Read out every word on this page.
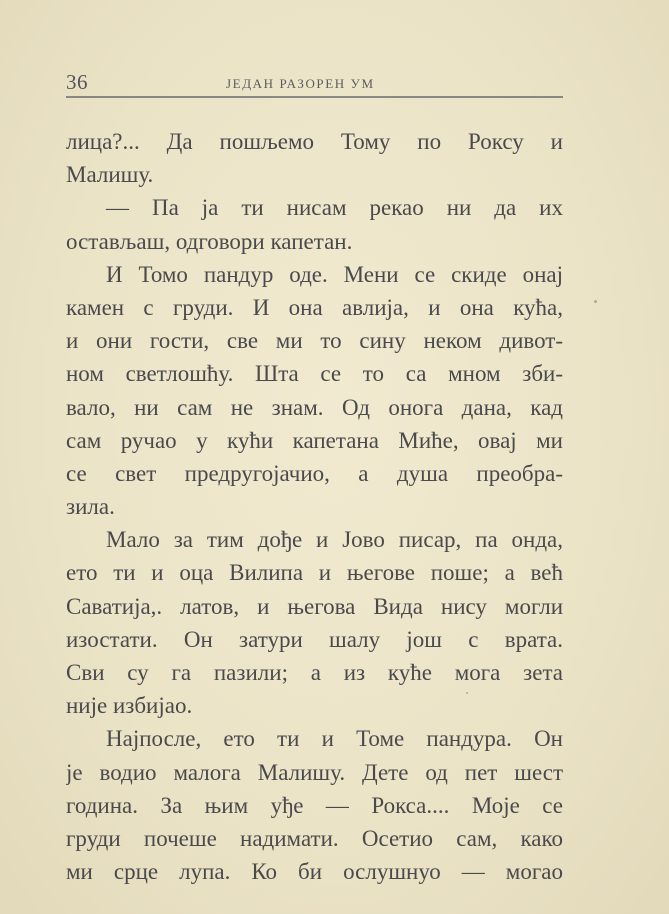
36	ЈЕДАН РАЗОРЕН УМ
лица?... Да пошљемо Тому по Роксу и
Малишу.
— Па ја ти нисам рекао ни да их
остављаш, одговори капетан.
И Томо пандур оде. Мени се скиде онај
камен с груди. И она авлија, и она кућа,
и они гости, све ми то сину неком дивот-
ном светлошћу. Шта се то са мном зби-
вало, ни сам не знам. Од онога дана, кад
сам ручао у кући капетана Миће, овај ми
се свет предругојачио, а душа преобра-
зила.
Мало за тим дође и Јово писар, па онда,
ето ти и оца Вилипа и његове поше; а већ
Саватија,. латов, и његова Вида нису могли
изостати. Он затури шалу још с врата.
Сви су га пазили; а из куће мога зета
није избијао.
Најпосле, ето ти и Томе пандура. Он
је водио малога Малишу. Дете од пет шест
година. За њим уђе — Рокса.... Моје се
груди почеше надимати. Осетио сам, како
ми срце лупа. Ко би ослушнуо — могао
